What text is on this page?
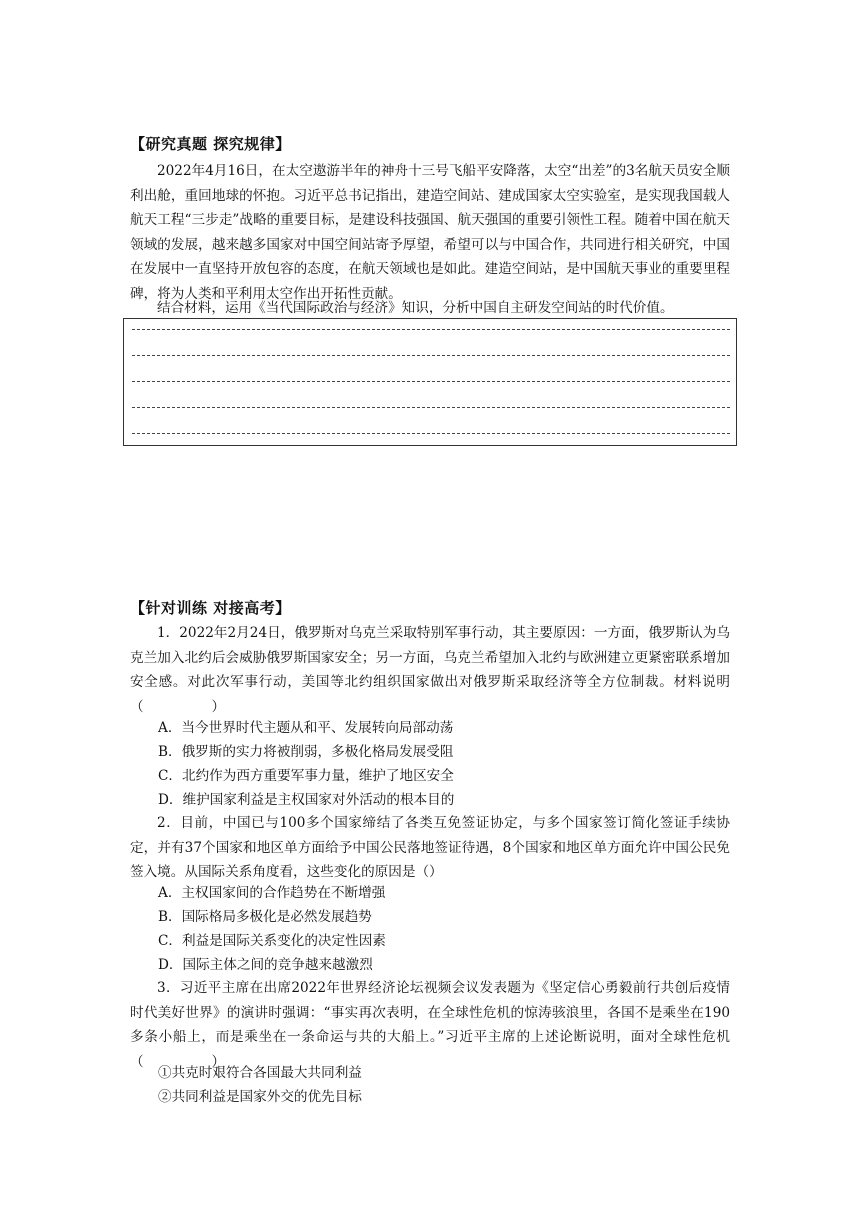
【研究真题 探究规律】

2022年4月16日，在太空遨游半年的神舟十三号飞船平安降落，太空“出差”的3名航天员安全顺利出舱，重回地球的怀抱。习近平总书记指出，建造空间站、建成国家太空实验室，是实现我国载人航天工程“三步走”战略的重要目标，是建设科技强国、航天强国的重要引领性工程。随着中国在航天领域的发展，越来越多国家对中国空间站寄予厚望，希望可以与中国合作，共同进行相关研究，中国在发展中一直坚持开放包容的态度，在航天领域也是如此。建造空间站，是中国航天事业的重要里程碑，将为人类和平利用太空作出开拓性贡献。

结合材料，运用《当代国际政治与经济》知识，分析中国自主研发空间站的时代价值。

【针对训练 对接高考】

1．2022年2月24日，俄罗斯对乌克兰采取特别军事行动，其主要原因：一方面，俄罗斯认为乌克兰加入北约后会威胁俄罗斯国家安全；另一方面，乌克兰希望加入北约与欧洲建立更紧密联系增加安全感。对此次军事行动，美国等北约组织国家做出对俄罗斯采取经济等全方位制裁。材料说明（　　　　　）

A．当今世界时代主题从和平、发展转向局部动荡
B．俄罗斯的实力将被削弱，多极化格局发展受阻
C．北约作为西方重要军事力量，维护了地区安全
D．维护国家利益是主权国家对外活动的根本目的

2．目前，中国已与100多个国家缔结了各类互免签证协定，与多个国家签订简化签证手续协定，并有37个国家和地区单方面给予中国公民落地签证待遇，8个国家和地区单方面允许中国公民免签入境。从国际关系角度看，这些变化的原因是（）

A．主权国家间的合作趋势在不断增强
B．国际格局多极化是必然发展趋势
C．利益是国际关系变化的决定性因素
D．国际主体之间的竞争越来越激烈

3．习近平主席在出席2022年世界经济论坛视频会议发表题为《坚定信心勇毅前行共创后疫情时代美好世界》的演讲时强调：“事实再次表明，在全球性危机的惊涛骇浪里，各国不是乘坐在190多条小船上，而是乘坐在一条命运与共的大船上。”习近平主席的上述论断说明，面对全球性危机（　　　　　）

①共克时艰符合各国最大共同利益
②共同利益是国家外交的优先目标
